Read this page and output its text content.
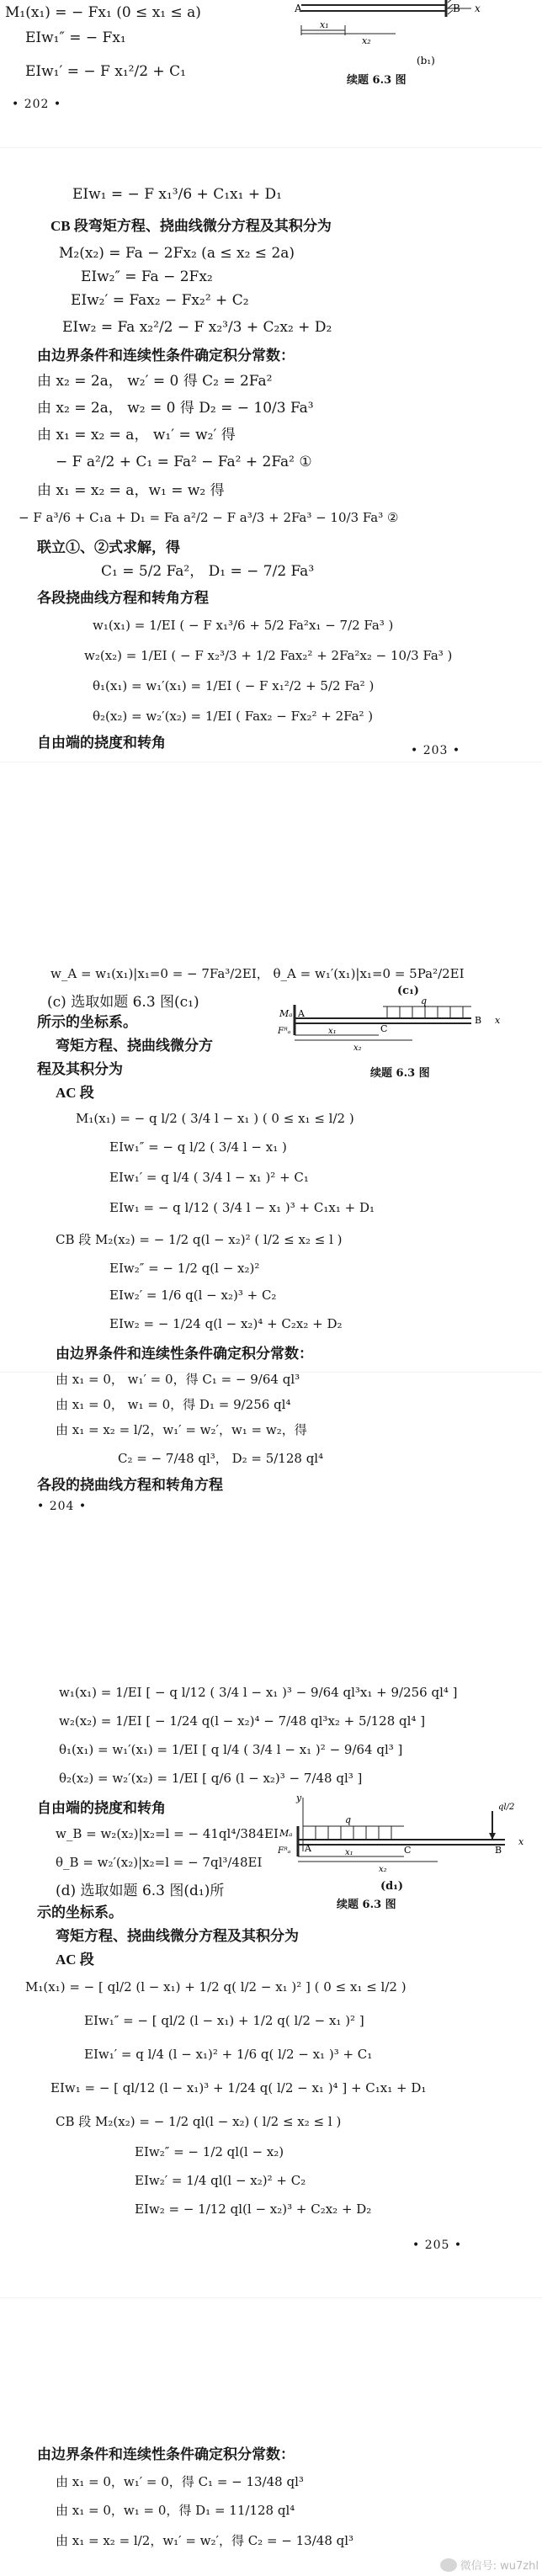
M₁(x₁) = − Fx₁ (0 ≤ x₁ ≤ a)
EIw₁″ = − Fx₁
EIw₁′ = − F x₁²/2 + C₁
• 202 •
A	B x
x₁
x₂
(b₁)
续题 6.3 图
EIw₁ = − F x₁³/6 + C₁x₁ + D₁
CB 段弯矩方程、挠曲线微分方程及其积分为
M₂(x₂) = Fa − 2Fx₂ (a ≤ x₂ ≤ 2a)
EIw₂″ = Fa − 2Fx₂
EIw₂′ = Fax₂ − Fx₂² + C₂
EIw₂ = Fa x₂²/2 − F x₂³/3 + C₂x₂ + D₂
由边界条件和连续性条件确定积分常数：
由 x₂ = 2a， w₂′ = 0 得 C₂ = 2Fa²
由 x₂ = 2a， w₂ = 0 得 D₂ = − 10/3 Fa³
由 x₁ = x₂ = a， w₁′ = w₂′ 得
− F a²/2 + C₁ = Fa² − Fa² + 2Fa² ①
由 x₁ = x₂ = a，w₁ = w₂ 得
− F a³/6 + C₁a + D₁ = Fa a²/2 − F a³/3 + 2Fa³ − 10/3 Fa³ ②
联立①、②式求解，得
C₁ = 5/2 Fa²， D₁ = − 7/2 Fa³
各段挠曲线方程和转角方程
w₁(x₁) = 1/EI ( − F x₁³/6 + 5/2 Fa²x₁ − 7/2 Fa³ )
w₂(x₂) = 1/EI ( − F x₂³/3 + 1/2 Fax₂² + 2Fa²x₂ − 10/3 Fa³ )
θ₁(x₁) = w₁′(x₁) = 1/EI ( − F x₁²/2 + 5/2 Fa² )
θ₂(x₂) = w₂′(x₂) = 1/EI ( Fax₂ − Fx₂² + 2Fa² )
自由端的挠度和转角	• 203 •
w_A = w₁(x₁)|x₁=0 = − 7Fa³/2EI， θ_A = w₁′(x₁)|x₁=0 = 5Pa²/2EI
(c) 选取如题 6.3 图(c₁)
所示的坐标系。
弯矩方程、挠曲线微分方
程及其积分为
AC 段
Mₐ
Fᴿₐ
A
C
B
q
x
x₁
x₂
(c₁)
续题 6.3 图
M₁(x₁) = − q l/2 ( 3/4 l − x₁ ) ( 0 ≤ x₁ ≤ l/2 )
EIw₁″ = − q l/2 ( 3/4 l − x₁ )
EIw₁′ = q l/4 ( 3/4 l − x₁ )² + C₁
EIw₁ = − q l/12 ( 3/4 l − x₁ )³ + C₁x₁ + D₁
CB 段 M₂(x₂) = − 1/2 q(l − x₂)² ( l/2 ≤ x₂ ≤ l )
EIw₂″ = − 1/2 q(l − x₂)²
EIw₂′ = 1/6 q(l − x₂)³ + C₂
EIw₂ = − 1/24 q(l − x₂)⁴ + C₂x₂ + D₂
由边界条件和连续性条件确定积分常数：
由 x₁ = 0， w₁′ = 0，得 C₁ = − 9/64 ql³
由 x₁ = 0， w₁ = 0，得 D₁ = 9/256 ql⁴
由 x₁ = x₂ = l/2，w₁′ = w₂′，w₁ = w₂，得
C₂ = − 7/48 ql³， D₂ = 5/128 ql⁴
各段的挠曲线方程和转角方程
• 204 •
w₁(x₁) = 1/EI [ − q l/12 ( 3/4 l − x₁ )³ − 9/64 ql³x₁ + 9/256 ql⁴ ]
w₂(x₂) = 1/EI [ − 1/24 q(l − x₂)⁴ − 7/48 ql³x₂ + 5/128 ql⁴ ]
θ₁(x₁) = w₁′(x₁) = 1/EI [ q l/4 ( 3/4 l − x₁ )² − 9/64 ql³ ]
θ₂(x₂) = w₂′(x₂) = 1/EI [ q/6 (l − x₂)³ − 7/48 ql³ ]
自由端的挠度和转角
w_B = w₂(x₂)|x₂=l = − 41ql⁴/384EI
θ_B = w₂′(x₂)|x₂=l = − 7ql³/48EI
(d) 选取如题 6.3 图(d₁)所
示的坐标系。
y
Mₐ
Fᴿₐ A	C	B
q
ql/2
x
x₁
x₂
(d₁)
续题 6.3 图
弯矩方程、挠曲线微分方程及其积分为
AC 段
M₁(x₁) = − [ ql/2 (l − x₁) + 1/2 q( l/2 − x₁ )² ] ( 0 ≤ x₁ ≤ l/2 )
EIw₁″ = − [ ql/2 (l − x₁) + 1/2 q( l/2 − x₁ )² ]
EIw₁′ = q l/4 (l − x₁)² + 1/6 q( l/2 − x₁ )³ + C₁
EIw₁ = − [ ql/12 (l − x₁)³ + 1/24 q( l/2 − x₁ )⁴ ] + C₁x₁ + D₁
CB 段 M₂(x₂) = − 1/2 ql(l − x₂) ( l/2 ≤ x₂ ≤ l )
EIw₂″ = − 1/2 ql(l − x₂)
EIw₂′ = 1/4 ql(l − x₂)² + C₂
EIw₂ = − 1/12 ql(l − x₂)³ + C₂x₂ + D₂
• 205 •
由边界条件和连续性条件确定积分常数：
由 x₁ = 0，w₁′ = 0，得 C₁ = − 13/48 ql³
由 x₁ = 0，w₁ = 0，得 D₁ = 11/128 ql⁴
由 x₁ = x₂ = l/2，w₁′ = w₂′，得 C₂ = − 13/48 ql³
微信号: wu7zhl
